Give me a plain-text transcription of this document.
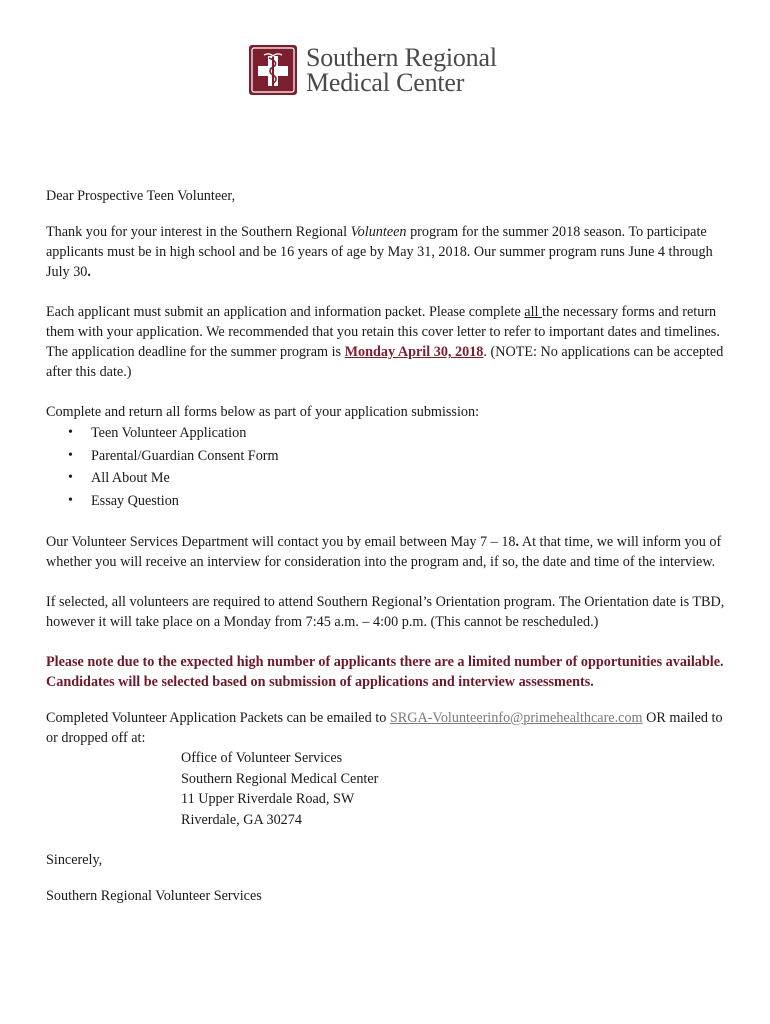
Southern Regional
Medical Center

Dear Prospective Teen Volunteer,

Thank you for your interest in the Southern Regional Volunteen program for the summer 2018 season. To participate applicants must be in high school and be 16 years of age by May 31, 2018. Our summer program runs June 4 through July 30.

Each applicant must submit an application and information packet. Please complete all the necessary forms and return them with your application. We recommended that you retain this cover letter to refer to important dates and timelines. The application deadline for the summer program is Monday April 30, 2018. (NOTE: No applications can be accepted after this date.)

Complete and return all forms below as part of your application submission:

• Teen Volunteer Application
• Parental/Guardian Consent Form
• All About Me
• Essay Question

Our Volunteer Services Department will contact you by email between May 7 – 18. At that time, we will inform you of whether you will receive an interview for consideration into the program and, if so, the date and time of the interview.

If selected, all volunteers are required to attend Southern Regional’s Orientation program. The Orientation date is TBD, however it will take place on a Monday from 7:45 a.m. – 4:00 p.m. (This cannot be rescheduled.)

Please note due to the expected high number of applicants there are a limited number of opportunities available. Candidates will be selected based on submission of applications and interview assessments.

Completed Volunteer Application Packets can be emailed to SRGA-Volunteerinfo@primehealthcare.com OR mailed to or dropped off at:

Office of Volunteer Services
Southern Regional Medical Center
11 Upper Riverdale Road, SW
Riverdale, GA 30274

Sincerely,

Southern Regional Volunteer Services
